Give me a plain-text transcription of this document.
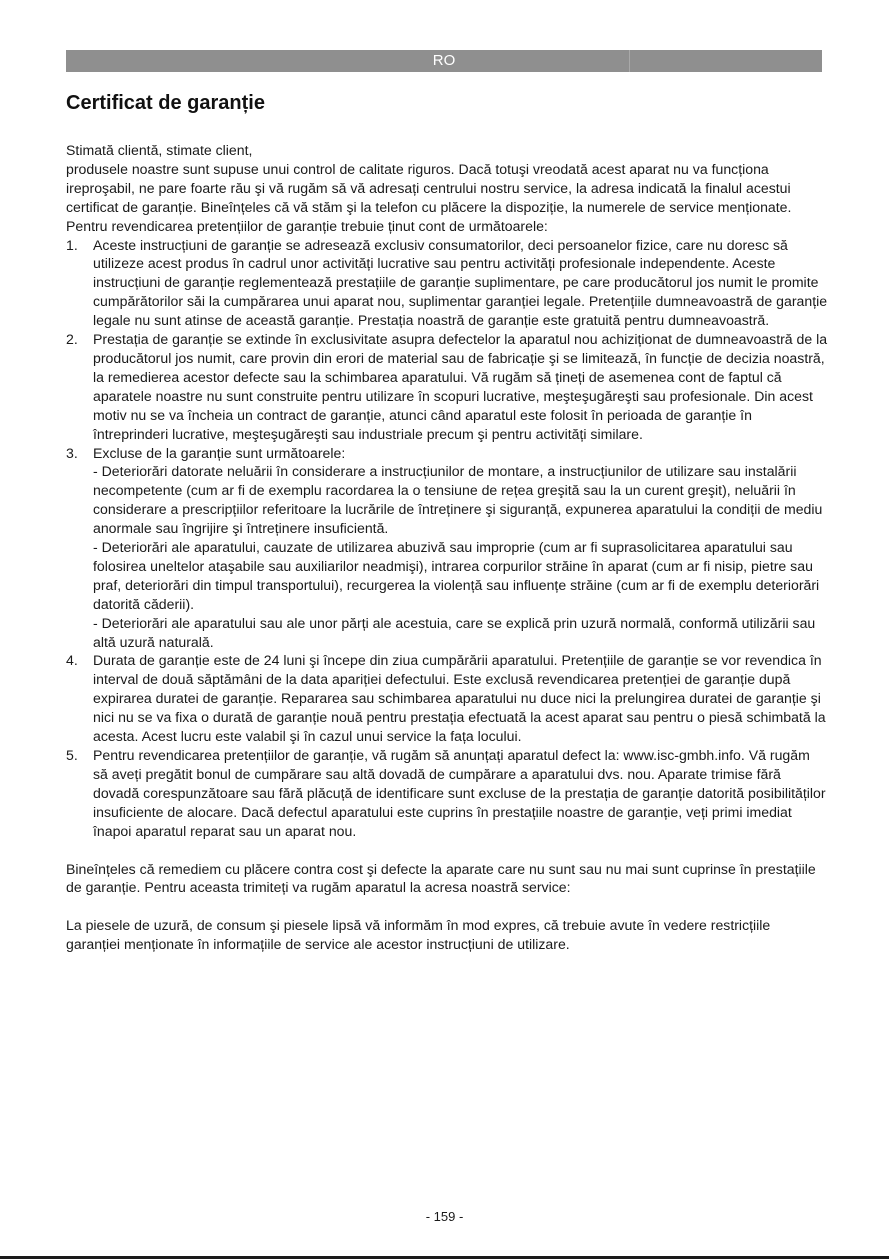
RO
Certificat de garanție

Stimată clientă, stimate client,

produsele noastre sunt supuse unui control de calitate riguros. Dacă totuşi vreodată acest aparat nu va funcționa ireproşabil, ne pare foarte rău şi vă rugăm să vă adresați centrului nostru service, la adresa indicată la finalul acestui certificat de garanție. Bineînțeles că vă stăm şi la telefon cu plăcere la dispoziție, la numerele de service menționate. Pentru revendicarea pretențiilor de garanție trebuie ținut cont de următoarele:

1. Aceste instrucțiuni de garanție se adresează exclusiv consumatorilor, deci persoanelor fizice, care nu doresc să utilizeze acest produs în cadrul unor activități lucrative sau pentru activități profesionale independente. Aceste instrucțiuni de garanție reglementează prestațiile de garanție suplimentare, pe care producătorul jos numit le promite cumpărătorilor săi la cumpărarea unui aparat nou, suplimentar garanției legale. Pretențiile dumneavoastră de garanție legale nu sunt atinse de această garanție. Prestația noastră de garanție este gratuită pentru dumneavoastră.

2. Prestația de garanție se extinde în exclusivitate asupra defectelor la aparatul nou achiziționat de dumneavoastră de la producătorul jos numit, care provin din erori de material sau de fabricație şi se limitează, în funcție de decizia noastră, la remedierea acestor defecte sau la schimbarea aparatului. Vă rugăm să țineți de asemenea cont de faptul că aparatele noastre nu sunt construite pentru utilizare în scopuri lucrative, meşteşugăreşti sau profesionale. Din acest motiv nu se va încheia un contract de garanție, atunci când aparatul este folosit în perioada de garanție în întreprinderi lucrative, meşteşugăreşti sau industriale precum şi pentru activități similare.

3. Excluse de la garanție sunt următoarele:

- Deteriorări datorate neluării în considerare a instrucțiunilor de montare, a instrucțiunilor de utilizare sau instalării necompetente (cum ar fi de exemplu racordarea la o tensiune de rețea greşită sau la un curent greşit), neluării în considerare a prescripțiilor referitoare la lucrările de întreținere şi siguranță, expunerea aparatului la condiții de mediu anormale sau îngrijire şi întreținere insuficientă.

- Deteriorări ale aparatului, cauzate de utilizarea abuzivă sau impropriе (cum ar fi suprasolicitarea aparatului sau folosirea uneltelor ataşabile sau auxiliarilor neadmişi), intrarea corpurilor străine în aparat (cum ar fi nisip, pietre sau praf, deteriorări din timpul transportului), recurgerea la violență sau influențe străine (cum ar fi de exemplu deteriorări datorită căderii).

- Deteriorări ale aparatului sau ale unor părți ale acestuia, care se explică prin uzură normală, conformă utilizării sau altă uzură naturală.

4. Durata de garanție este de 24 luni şi începe din ziua cumpărării aparatului. Pretențiile de garanție se vor revendica în interval de două săptămâni de la data apariției defectului. Este exclusă revendicarea pretenției de garanție după expirarea duratei de garanție. Repararea sau schimbarea aparatului nu duce nici la prelungirea duratei de garanție şi nici nu se va fixa o durată de garanție nouă pentru prestația efectuată la acest aparat sau pentru o piesă schimbată la acesta. Acest lucru este valabil şi în cazul unui service la fața locului.

5. Pentru revendicarea pretențiilor de garanție, vă rugăm să anunțați aparatul defect la: www.isc-gmbh.info. Vă rugăm să aveți pregătit bonul de cumpărare sau altă dovadă de cumpărare a aparatului dvs. nou. Aparate trimise fără dovadă corespunzătoare sau fără plăcuță de identificare sunt excluse de la prestația de garanție datorită posibilităților insuficiente de alocare. Dacă defectul aparatului este cuprins în prestațiile noastre de garanție, veți primi imediat înapoi aparatul reparat sau un aparat nou.

Bineînțeles că remediem cu plăcere contra cost şi defecte la aparate care nu sunt sau nu mai sunt cuprinse în prestațiile de garanție. Pentru aceasta trimiteți va rugăm aparatul la acresa noastră service:

La piesele de uzură, de consum şi piesele lipsă vă informăm în mod expres, că trebuie avute în vedere restricțiile garanției menționate în informațiile de service ale acestor instrucțiuni de utilizare.

- 159 -
